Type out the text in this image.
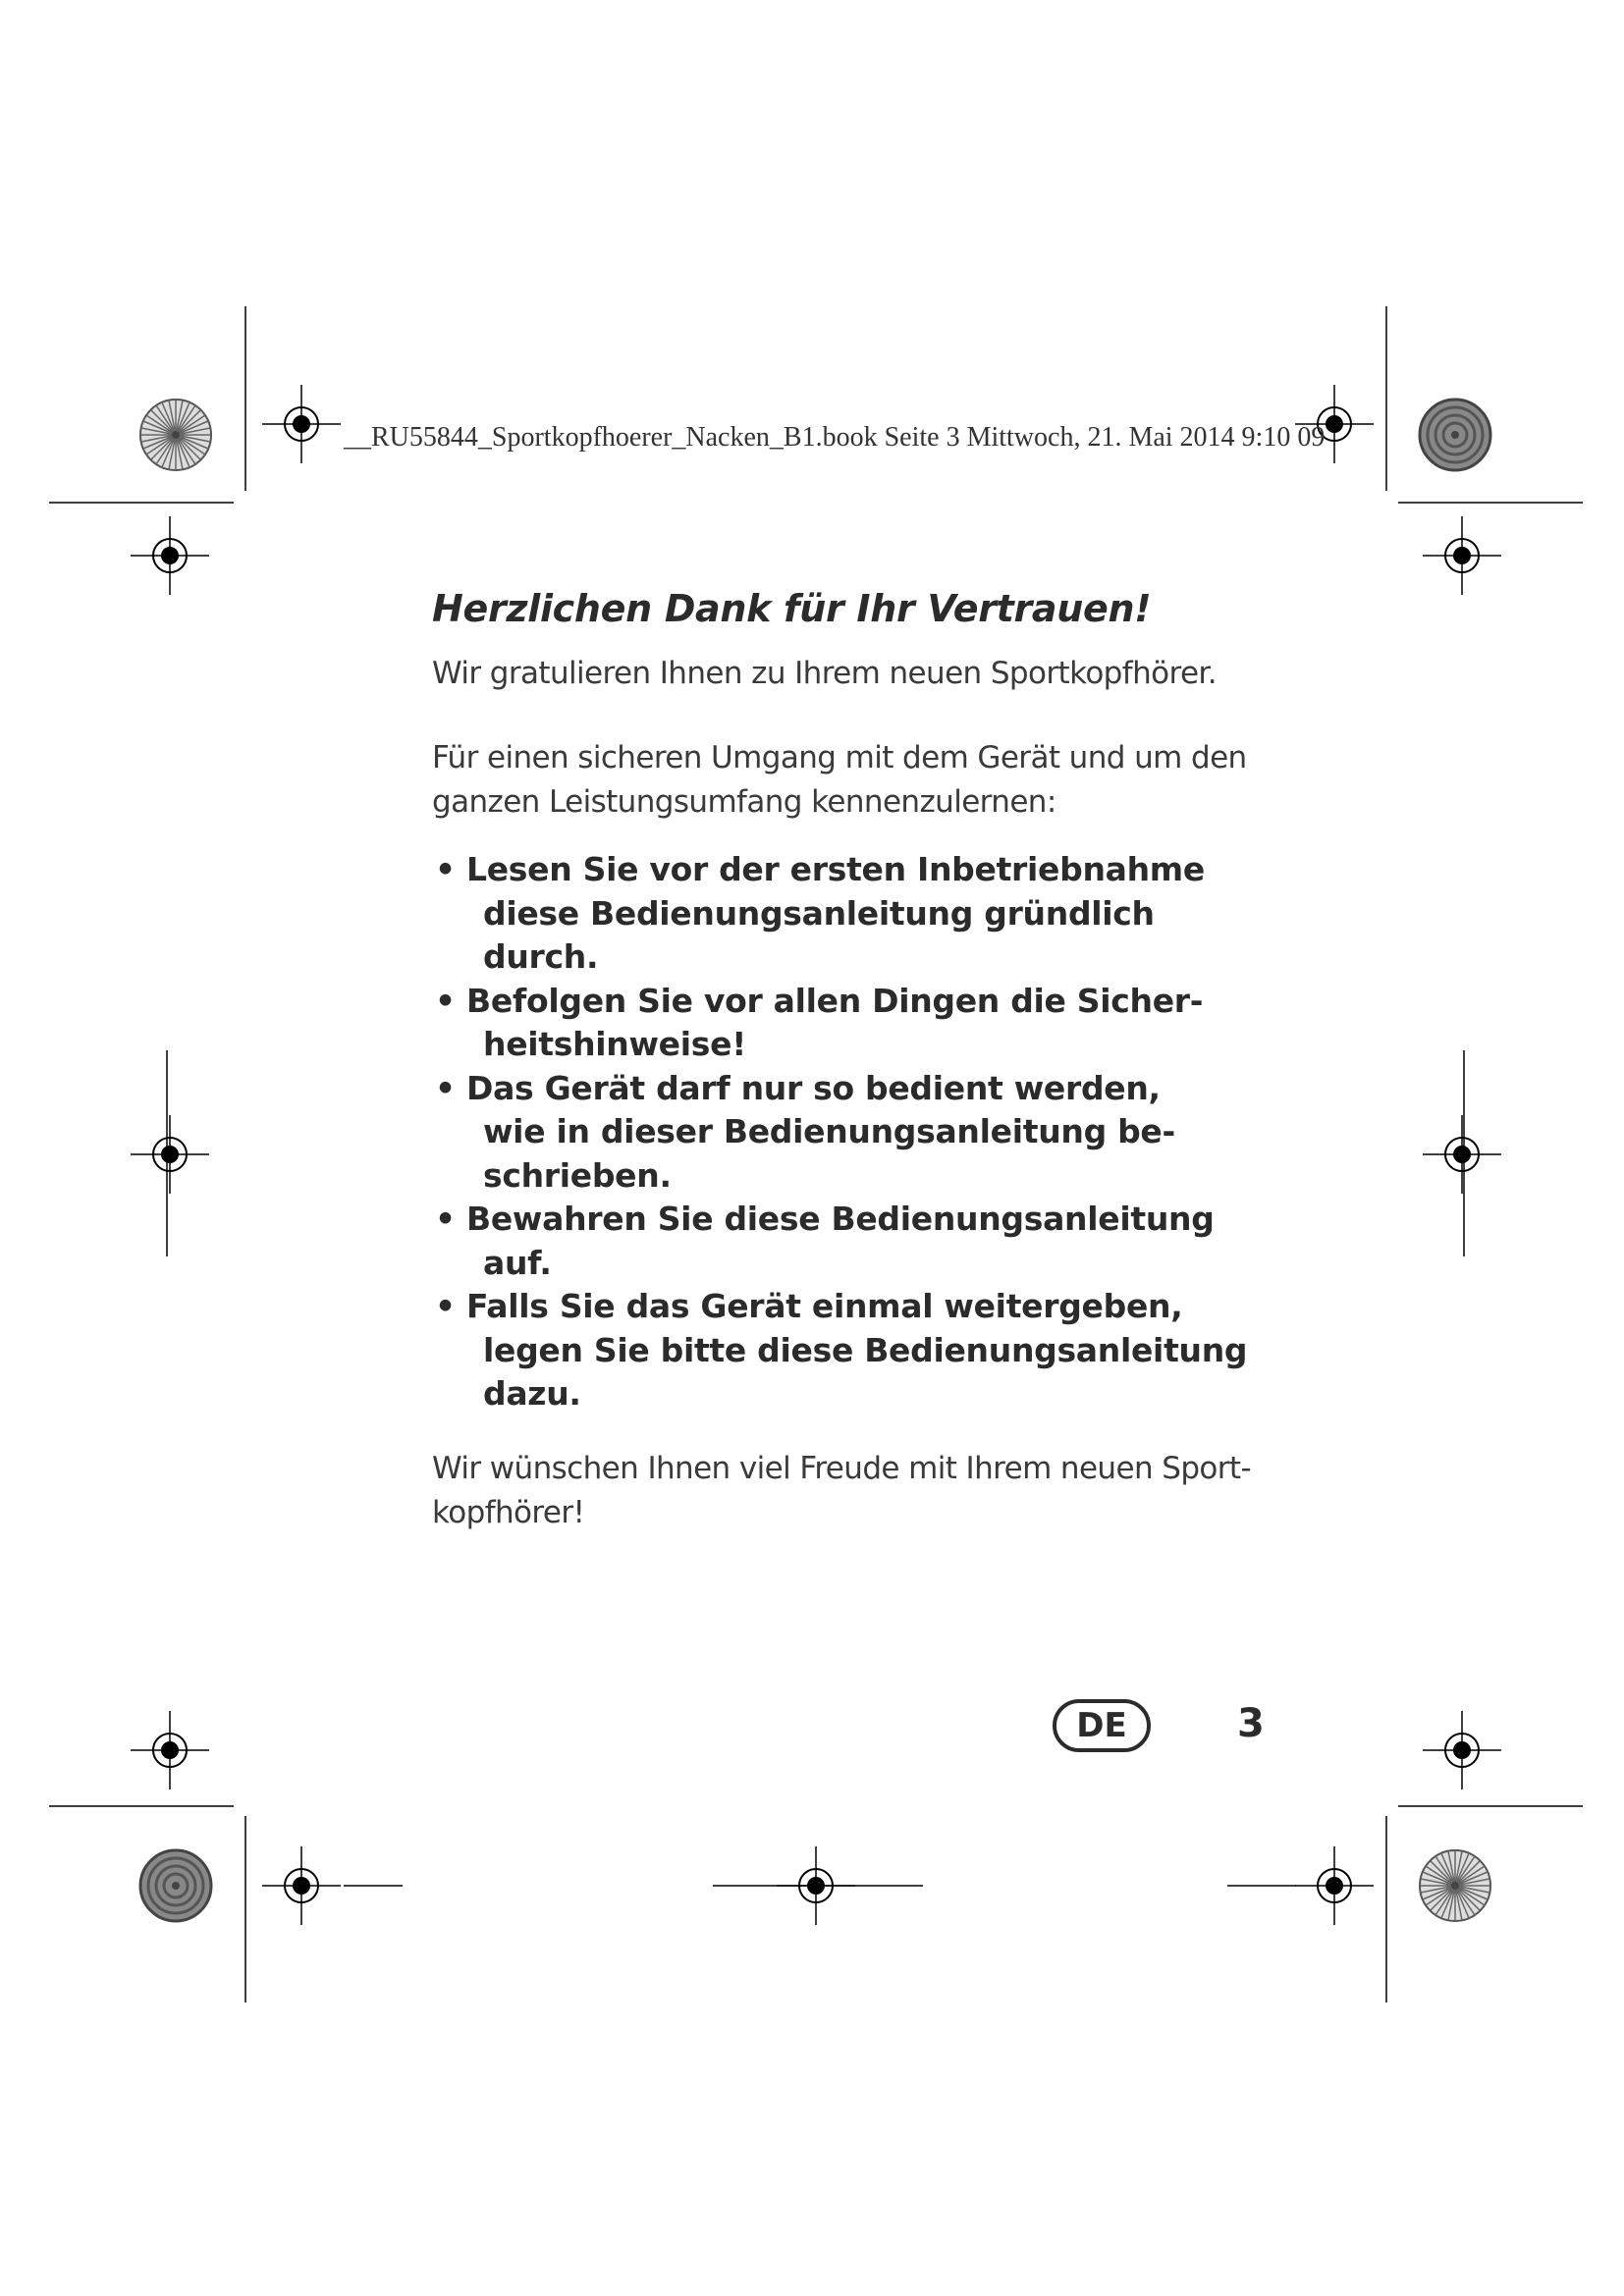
__RU55844_Sportkopfhoerer_Nacken_B1.book Seite 3 Mittwoch, 21. Mai 2014 9:10 09
Herzlichen Dank für Ihr Vertrauen!

Wir gratulieren Ihnen zu Ihrem neuen Sportkopfhörer.

Für einen sicheren Umgang mit dem Gerät und um den
ganzen Leistungsumfang kennenzulernen:

• Lesen Sie vor der ersten Inbetriebnahme
diese Bedienungsanleitung gründlich durch.
• Befolgen Sie vor allen Dingen die Sicher-
heitshinweise!
• Das Gerät darf nur so bedient werden,
wie in dieser Bedienungsanleitung be-
schrieben.
• Bewahren Sie diese Bedienungsanleitung
auf.
• Falls Sie das Gerät einmal weitergeben,
legen Sie bitte diese Bedienungsanleitung
dazu.

Wir wünschen Ihnen viel Freude mit Ihrem neuen Sport-
kopfhörer!

DE	3
